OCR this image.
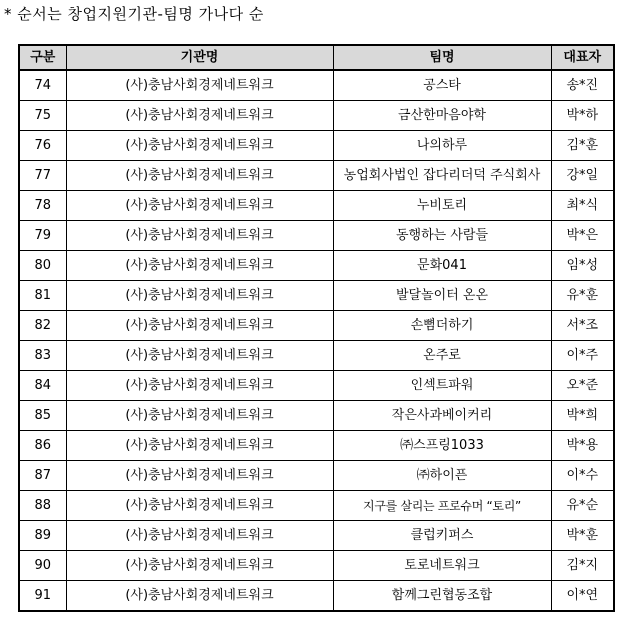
* 순서는 창업지원기관-팀명 가나다 순
구분	기관명	팀명	대표자
74	(사)충남사회경제네트워크	공스타	송*진
75	(사)충남사회경제네트워크	금산한마음야학	박*하
76	(사)충남사회경제네트워크	나의하루	김*훈
77	(사)충남사회경제네트워크	농업회사법인 잡다리더덕 주식회사	강*일
78	(사)충남사회경제네트워크	누비토리	최*식
79	(사)충남사회경제네트워크	동행하는 사람들	박*은
80	(사)충남사회경제네트워크	문화041	임*성
81	(사)충남사회경제네트워크	발달놀이터 온온	유*훈
82	(사)충남사회경제네트워크	손뼘더하기	서*조
83	(사)충남사회경제네트워크	온주로	이*주
84	(사)충남사회경제네트워크	인섹트파워	오*준
85	(사)충남사회경제네트워크	작은사과베이커리	박*희
86	(사)충남사회경제네트워크	㈜스프링1033	박*용
87	(사)충남사회경제네트워크	㈜하이픈	이*수
88	(사)충남사회경제네트워크	지구를 살리는 프로슈머 “토리”	유*순
89	(사)충남사회경제네트워크	클럽키퍼스	박*훈
90	(사)충남사회경제네트워크	토로네트워크	김*지
91	(사)충남사회경제네트워크	함께그린협동조합	이*연
